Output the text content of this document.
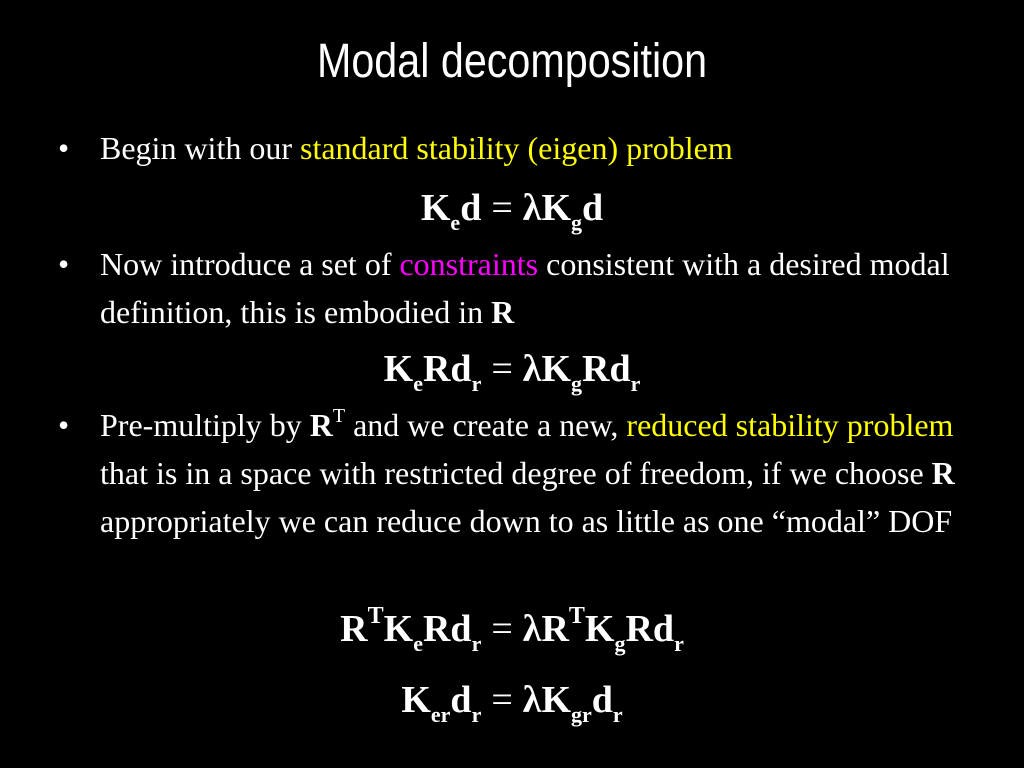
Modal decomposition
• Begin with our standard stability (eigen) problem
$K_ed = \lambda K_gd$
• Now introduce a set of constraints consistent with a desired modal definition, this is embodied in R
$K_eRd_r = \lambda K_gRd_r$
• Pre-multiply by $R^T$ and we create a new, reduced stability problem that is in a space with restricted degree of freedom, if we choose R appropriately we can reduce down to as little as one “modal” DOF
$R^TK_eRd_r = \lambda R^TK_gRd_r$
$K_{er}d_r = \lambda K_{gr}d_r$
